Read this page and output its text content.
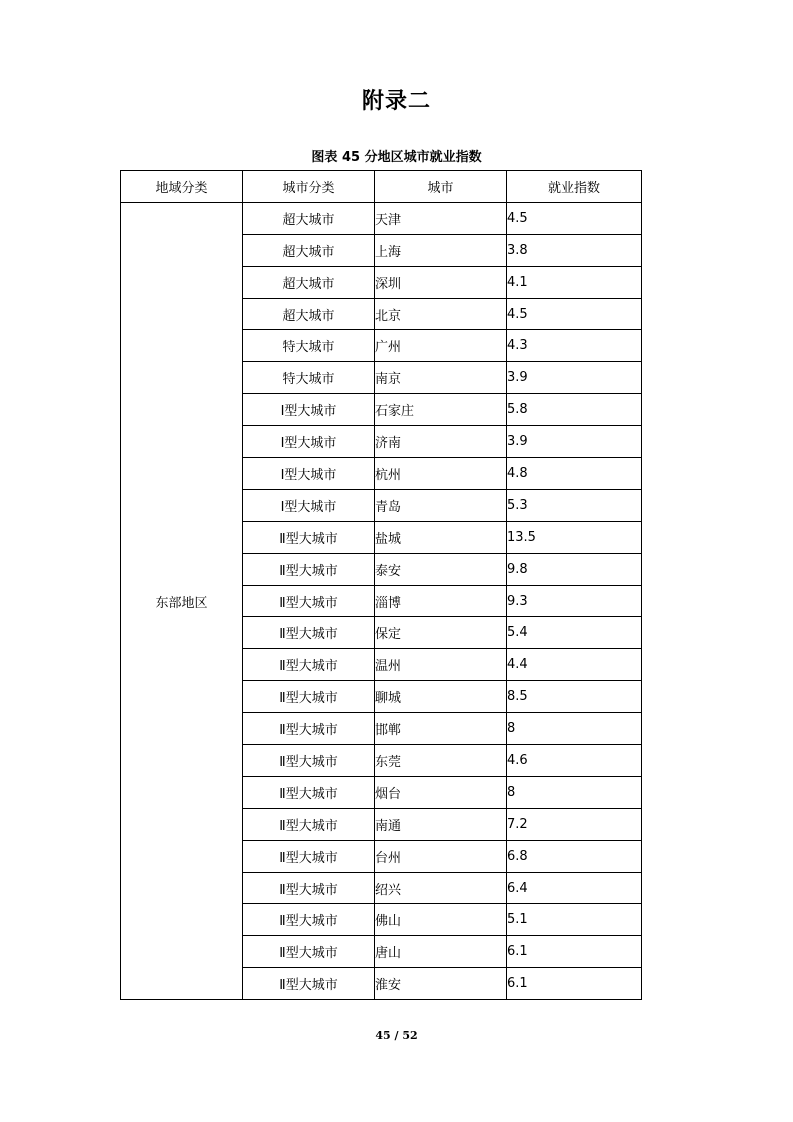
附录二
图表 45 分地区城市就业指数
地域分类	城市分类	城市	就业指数
东部地区	超大城市	天津	4.5
	超大城市	上海	3.8
	超大城市	深圳	4.1
	超大城市	北京	4.5
	特大城市	广州	4.3
	特大城市	南京	3.9
	Ⅰ型大城市	石家庄	5.8
	Ⅰ型大城市	济南	3.9
	Ⅰ型大城市	杭州	4.8
	Ⅰ型大城市	青岛	5.3
	Ⅱ型大城市	盐城	13.5
	Ⅱ型大城市	泰安	9.8
	Ⅱ型大城市	淄博	9.3
	Ⅱ型大城市	保定	5.4
	Ⅱ型大城市	温州	4.4
	Ⅱ型大城市	聊城	8.5
	Ⅱ型大城市	邯郸	8
	Ⅱ型大城市	东莞	4.6
	Ⅱ型大城市	烟台	8
	Ⅱ型大城市	南通	7.2
	Ⅱ型大城市	台州	6.8
	Ⅱ型大城市	绍兴	6.4
	Ⅱ型大城市	佛山	5.1
	Ⅱ型大城市	唐山	6.1
	Ⅱ型大城市	淮安	6.1
45 / 52
